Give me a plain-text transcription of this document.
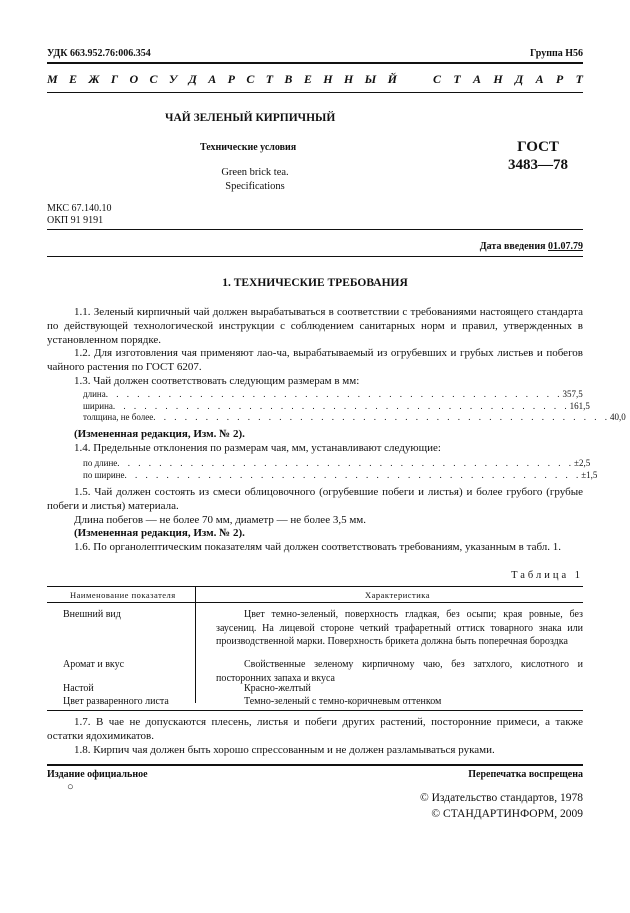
УДК 663.952.76:006.354	Группа Н56
М Е Ж Г О С У Д А Р С Т В Е Н Н Ы Й	С Т А Н Д А Р Т
ЧАЙ ЗЕЛЕНЫЙ КИРПИЧНЫЙ
Технические условия	ГОСТ
3483—78
Green brick tea.
Specifications
МКС 67.140.10
ОКП 91 9191
Дата введения 01.07.79
1. ТЕХНИЧЕСКИЕ ТРЕБОВАНИЯ

1.1. Зеленый кирпичный чай должен вырабатываться в соответствии с требованиями настоящего стандарта по действующей технологической инструкции с соблюдением санитарных норм и правил, утвержденных в установленном порядке.

1.2. Для изготовления чая применяют лао-ча, вырабатываемый из огрубевших и грубых листьев и побегов чайного растения по ГОСТ 6207.

1.3. Чай должен соответствовать следующим размерам в мм:

длина . . . . . . . . . . . . . . . . . . . . . . . . . . . . . . . . . . . . . . . . . . . . 357,5
ширина . . . . . . . . . . . . . . . . . . . . . . . . . . . . . . . . . . . . . . . . . . . . 161,5
толщина, не более . . . . . . . . . . . . . . . . . . . . . . . . . . . . . . . . . . . . . . . . . . . . 40,0

(Измененная редакция, Изм. № 2).

1.4. Предельные отклонения по размерам чая, мм, устанавливают следующие:

по длине . . . . . . . . . . . . . . . . . . . . . . . . . . . . . . . . . . . . . . . . . . . . ±2,5
по ширине . . . . . . . . . . . . . . . . . . . . . . . . . . . . . . . . . . . . . . . . . . . . ±1,5

1.5. Чай должен состоять из смеси облицовочного (огрубевшие побеги и листья) и более грубого (грубые побеги и листья) материала.

Длина побегов — не более 70 мм, диаметр — не более 3,5 мм.

(Измененная редакция, Изм. № 2).

1.6. По органолептическим показателям чай должен соответствовать требованиям, указанным в табл. 1.

Таблица 1
Наименование показателя	Характеристика
Внешний вид	Цвет темно-зеленый, поверхность гладкая, без осыпи; края ровные, без заусениц. На лицевой стороне четкий трафаретный оттиск товарного знака или производственной марки. Поверхность брикета должна быть поперечная бороздка

Аромат и вкус	Свойственные зеленому кирпичному чаю, без затхлого, кислотного и посторонних запаха и вкуса

Настой	Красно-желтый

Цвет разваренного листа	Темно-зеленый с темно-коричневым оттенком

1.7. В чае не допускаются плесень, листья и побеги других растений, посторонние примеси, а также остатки ядохимикатов.

1.8. Кирпич чая должен быть хорошо спрессованным и не должен разламываться руками.

Издание официальное	Перепечатка воспрещена
○
© Издательство стандартов, 1978
© СТАНДАРТИНФОРМ, 2009
